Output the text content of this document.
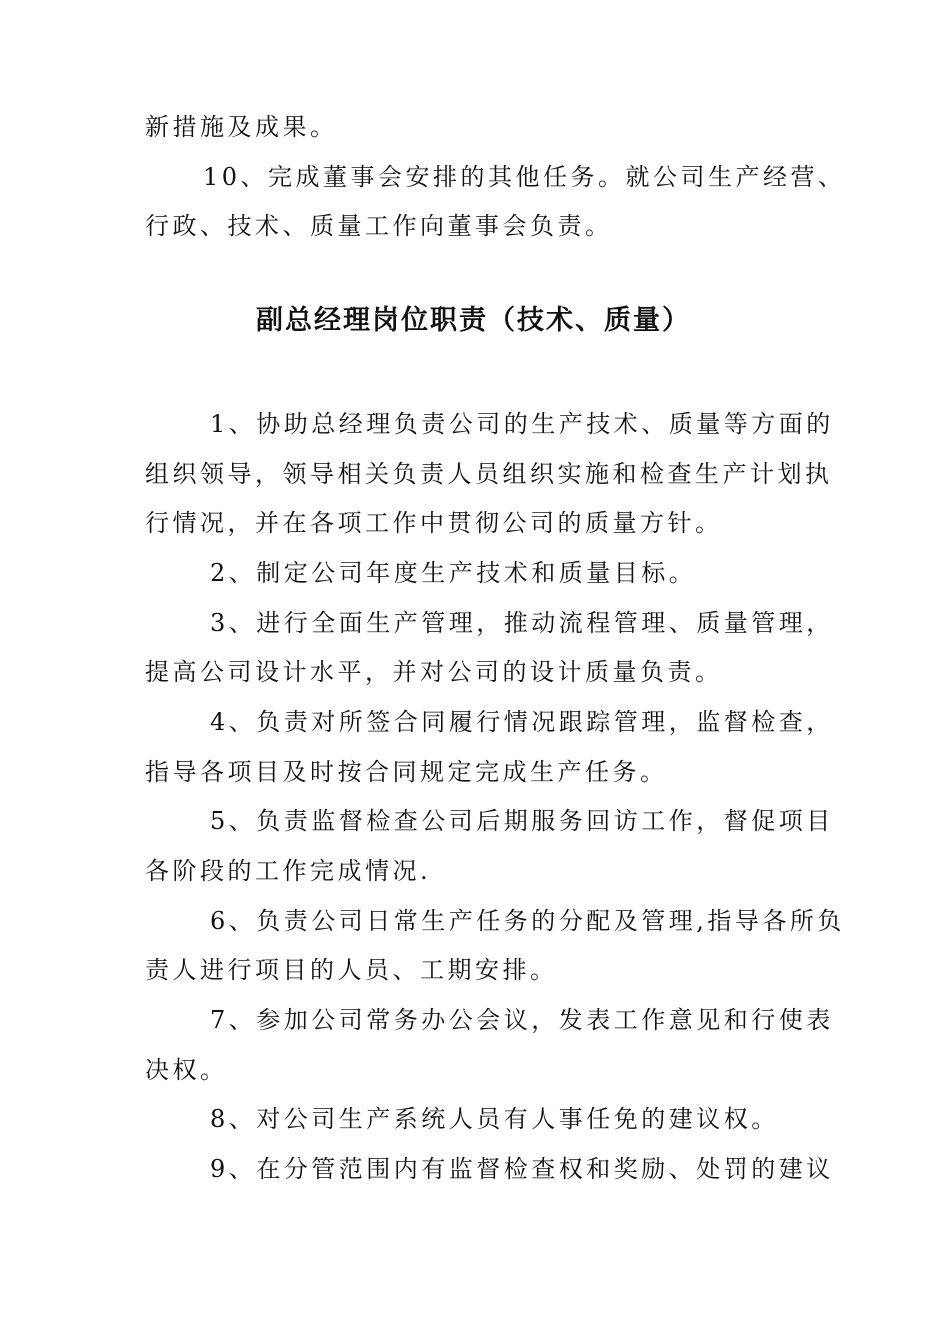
新措施及成果。
10、完成董事会安排的其他任务。就公司生产经营、
行政、技术、质量工作向董事会负责。
副总经理岗位职责（技术、质量）
1、协助总经理负责公司的生产技术、质量等方面的
组织领导，领导相关负责人员组织实施和检查生产计划执
行情况，并在各项工作中贯彻公司的质量方针。
2、制定公司年度生产技术和质量目标。
3、进行全面生产管理，推动流程管理、质量管理，
提高公司设计水平，并对公司的设计质量负责。
4、负责对所签合同履行情况跟踪管理，监督检查，
指导各项目及时按合同规定完成生产任务。
5、负责监督检查公司后期服务回访工作，督促项目
各阶段的工作完成情况.
6、负责公司日常生产任务的分配及管理,指导各所负
责人进行项目的人员、工期安排。
7、参加公司常务办公会议，发表工作意见和行使表
决权。
8、对公司生产系统人员有人事任免的建议权。
9、在分管范围内有监督检查权和奖励、处罚的建议
